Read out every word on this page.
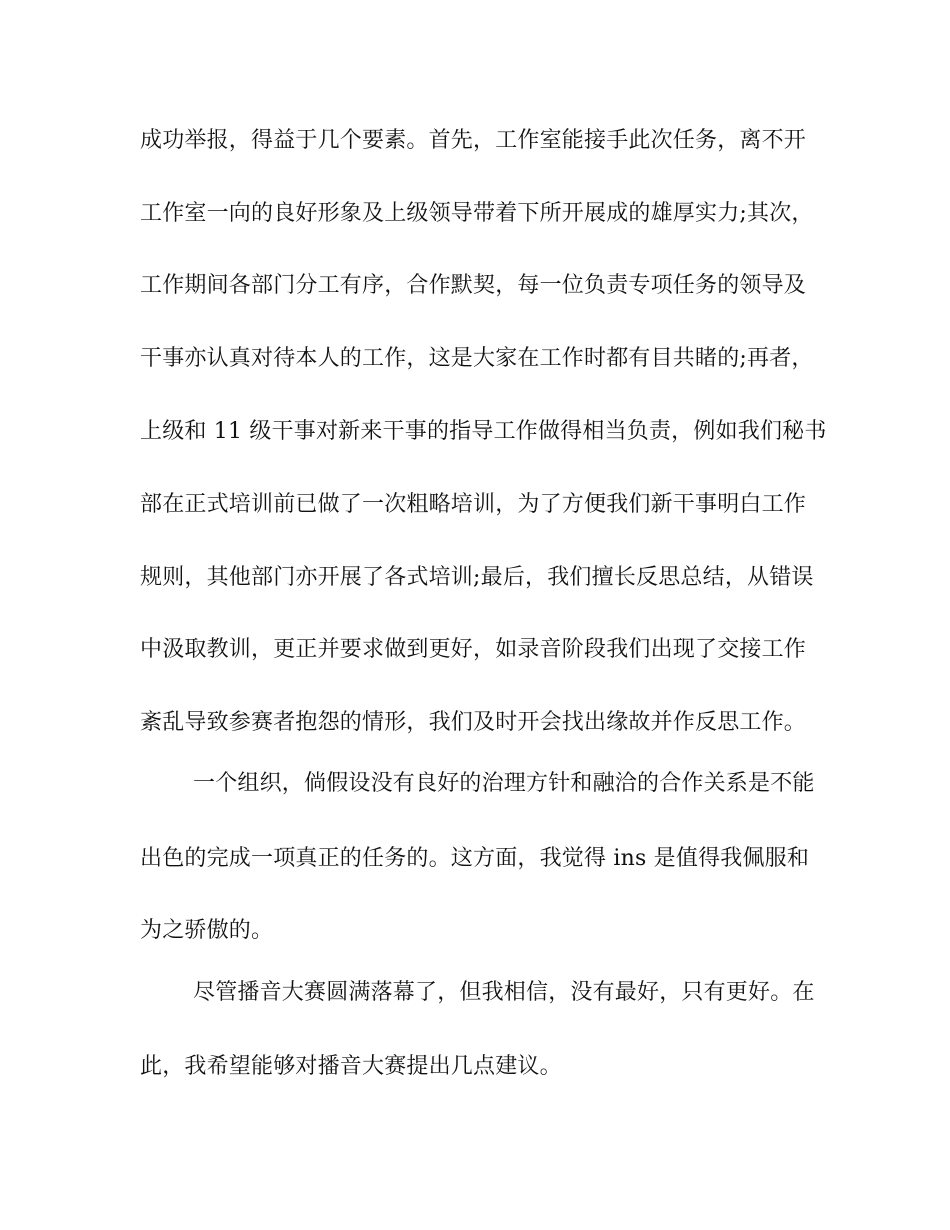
成功举报，得益于几个要素。首先，工作室能接手此次任务，离不开
工作室一向的良好形象及上级领导带着下所开展成的雄厚实力;其次，
工作期间各部门分工有序，合作默契，每一位负责专项任务的领导及
干事亦认真对待本人的工作，这是大家在工作时都有目共睹的;再者，
上级和 11 级干事对新来干事的指导工作做得相当负责，例如我们秘书
部在正式培训前已做了一次粗略培训，为了方便我们新干事明白工作
规则，其他部门亦开展了各式培训;最后，我们擅长反思总结，从错误
中汲取教训，更正并要求做到更好，如录音阶段我们出现了交接工作
紊乱导致参赛者抱怨的情形，我们及时开会找出缘故并作反思工作。
一个组织，倘假设没有良好的治理方针和融洽的合作关系是不能
出色的完成一项真正的任务的。这方面，我觉得 ins 是值得我佩服和
为之骄傲的。
尽管播音大赛圆满落幕了，但我相信，没有最好，只有更好。在
此，我希望能够对播音大赛提出几点建议。
